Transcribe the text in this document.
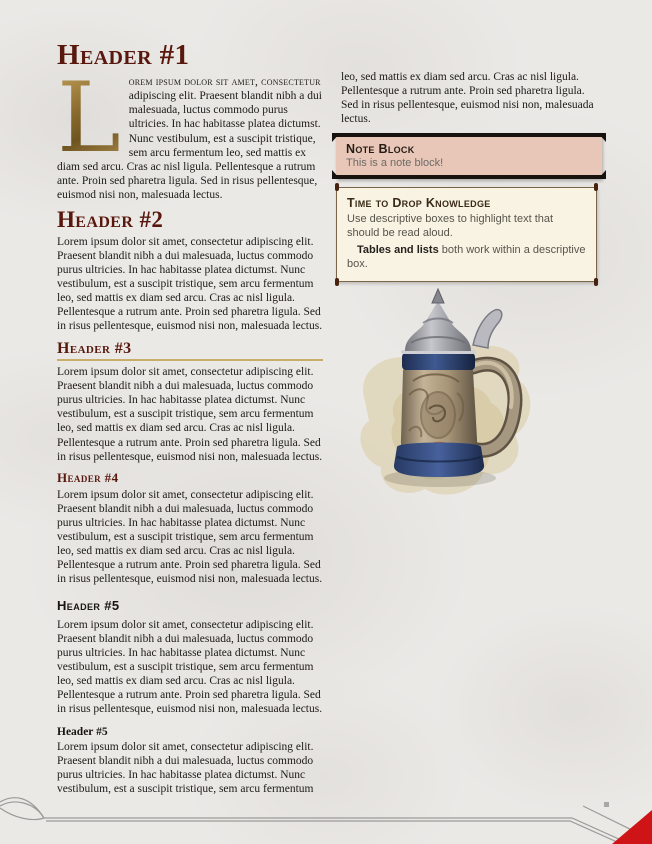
Header #1

L orem ipsum dolor sit amet, consectetur adipiscing elit. Praesent blandit nibh a dui malesuada, luctus commodo purus ultricies. In hac habitasse platea dictumst. Nunc vestibulum, est a suscipit tristique, sem arcu fermentum leo, sed mattis ex diam sed arcu. Cras ac nisl ligula. Pellentesque a rutrum ante. Proin sed pharetra ligula. Sed in risus pellentesque, euismod nisi non, malesuada lectus.

Header #2

Lorem ipsum dolor sit amet, consectetur adipiscing elit. Praesent blandit nibh a dui malesuada, luctus commodo purus ultricies. In hac habitasse platea dictumst. Nunc vestibulum, est a suscipit tristique, sem arcu fermentum leo, sed mattis ex diam sed arcu. Cras ac nisl ligula. Pellentesque a rutrum ante. Proin sed pharetra ligula. Sed in risus pellentesque, euismod nisi non, malesuada lectus.

Header #3

Lorem ipsum dolor sit amet, consectetur adipiscing elit. Praesent blandit nibh a dui malesuada, luctus commodo purus ultricies. In hac habitasse platea dictumst. Nunc vestibulum, est a suscipit tristique, sem arcu fermentum leo, sed mattis ex diam sed arcu. Cras ac nisl ligula. Pellentesque a rutrum ante. Proin sed pharetra ligula. Sed in risus pellentesque, euismod nisi non, malesuada lectus.

Header #4

Lorem ipsum dolor sit amet, consectetur adipiscing elit. Praesent blandit nibh a dui malesuada, luctus commodo purus ultricies. In hac habitasse platea dictumst. Nunc vestibulum, est a suscipit tristique, sem arcu fermentum leo, sed mattis ex diam sed arcu. Cras ac nisl ligula. Pellentesque a rutrum ante. Proin sed pharetra ligula. Sed in risus pellentesque, euismod nisi non, malesuada lectus.

Header #5

Lorem ipsum dolor sit amet, consectetur adipiscing elit. Praesent blandit nibh a dui malesuada, luctus commodo purus ultricies. In hac habitasse platea dictumst. Nunc vestibulum, est a suscipit tristique, sem arcu fermentum leo, sed mattis ex diam sed arcu. Cras ac nisl ligula. Pellentesque a rutrum ante. Proin sed pharetra ligula. Sed in risus pellentesque, euismod nisi non, malesuada lectus.

Header #5

Lorem ipsum dolor sit amet, consectetur adipiscing elit. Praesent blandit nibh a dui malesuada, luctus commodo purus ultricies. In hac habitasse platea dictumst. Nunc vestibulum, est a suscipit tristique, sem arcu fermentum

leo, sed mattis ex diam sed arcu. Cras ac nisl ligula. Pellentesque a rutrum ante. Proin sed pharetra ligula. Sed in risus pellentesque, euismod nisi non, malesuada lectus.

Note Block
This is a note block!
Time to Drop Knowledge
Use descriptive boxes to highlight text that should be read aloud.
Tables and lists both work within a descriptive box.
